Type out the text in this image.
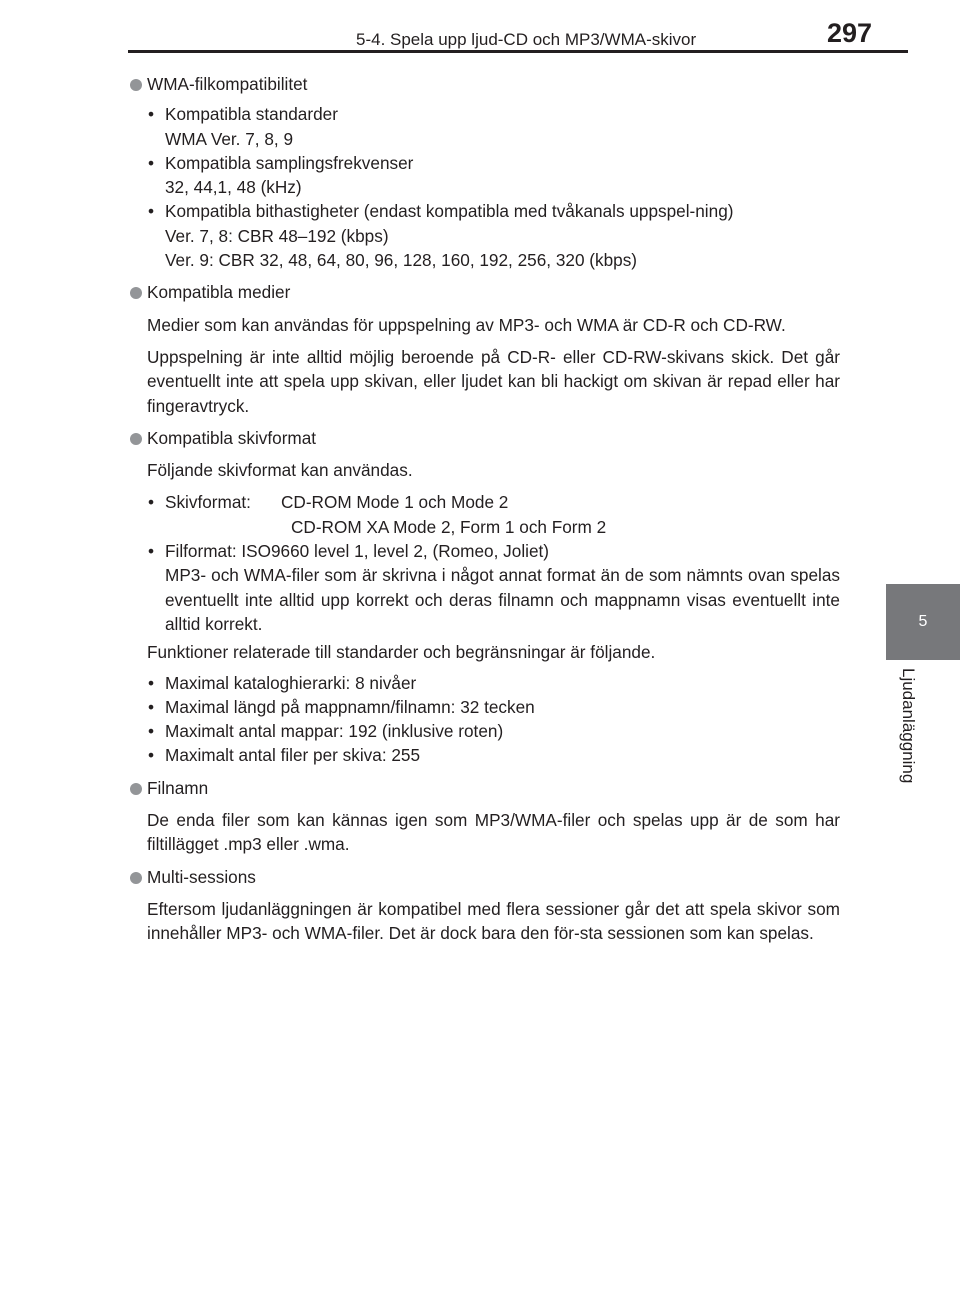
5-4. Spela upp ljud-CD och MP3/WMA-skivor	297
5
Ljudanläggning

WMA-filkompatibilitet

• Kompatibla standarder
WMA Ver. 7, 8, 9
• Kompatibla samplingsfrekvenser
32, 44,1, 48 (kHz)
• Kompatibla bithastigheter (endast kompatibla med tvåkanals uppspel-ning)
Ver. 7, 8: CBR 48–192 (kbps)
Ver. 9: CBR 32, 48, 64, 80, 96, 128, 160, 192, 256, 320 (kbps)

Kompatibla medier

Medier som kan användas för uppspelning av MP3- och WMA är CD-R och CD-RW.

Uppspelning är inte alltid möjlig beroende på CD-R- eller CD-RW-skivans skick. Det går eventuellt inte att spela upp skivan, eller ljudet kan bli hackigt om skivan är repad eller har fingeravtryck.

Kompatibla skivformat

Följande skivformat kan användas.

• Skivformat:	CD-ROM Mode 1 och Mode 2
CD-ROM XA Mode 2, Form 1 och Form 2
• Filformat: ISO9660 level 1, level 2, (Romeo, Joliet)
MP3- och WMA-filer som är skrivna i något annat format än de som nämnts ovan spelas eventuellt inte alltid upp korrekt och deras filnamn och mappnamn visas eventuellt inte alltid korrekt.

Funktioner relaterade till standarder och begränsningar är följande.

• Maximal kataloghierarki: 8 nivåer
• Maximal längd på mappnamn/filnamn: 32 tecken
• Maximalt antal mappar: 192 (inklusive roten)
• Maximalt antal filer per skiva: 255

Filnamn

De enda filer som kan kännas igen som MP3/WMA-filer och spelas upp är de som har filtillägget .mp3 eller .wma.

Multi-sessions

Eftersom ljudanläggningen är kompatibel med flera sessioner går det att spela skivor som innehåller MP3- och WMA-filer. Det är dock bara den för-sta sessionen som kan spelas.
